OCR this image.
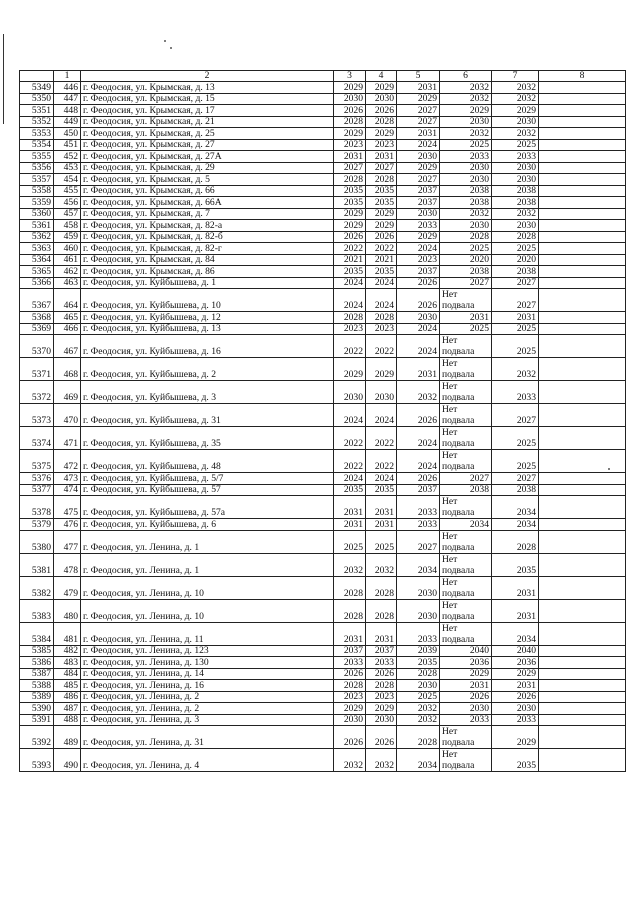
	1	2	3	4	5	6	7	8
5349	446	г. Феодосия, ул. Крымская, д. 13	2029	2029	2031	2032	2032	
5350	447	г. Феодосия, ул. Крымская, д. 15	2030	2030	2029	2032	2032	
5351	448	г. Феодосия, ул. Крымская, д. 17	2026	2026	2027	2029	2029	
5352	449	г. Феодосия, ул. Крымская, д. 21	2028	2028	2027	2030	2030	
5353	450	г. Феодосия, ул. Крымская, д. 25	2029	2029	2031	2032	2032	
5354	451	г. Феодосия, ул. Крымская, д. 27	2023	2023	2024	2025	2025	
5355	452	г. Феодосия, ул. Крымская, д. 27А	2031	2031	2030	2033	2033	
5356	453	г. Феодосия, ул. Крымская, д. 29	2027	2027	2029	2030	2030	
5357	454	г. Феодосия, ул. Крымская, д. 5	2028	2028	2027	2030	2030	
5358	455	г. Феодосия, ул. Крымская, д. 66	2035	2035	2037	2038	2038	
5359	456	г. Феодосия, ул. Крымская, д. 66А	2035	2035	2037	2038	2038	
5360	457	г. Феодосия, ул. Крымская, д. 7	2029	2029	2030	2032	2032	
5361	458	г. Феодосия, ул. Крымская, д. 82-а	2029	2029	2033	2030	2030	
5362	459	г. Феодосия, ул. Крымская, д. 82-б	2026	2026	2029	2028	2028	
5363	460	г. Феодосия, ул. Крымская, д. 82-г	2022	2022	2024	2025	2025	
5364	461	г. Феодосия, ул. Крымская, д. 84	2021	2021	2023	2020	2020	
5365	462	г. Феодосия, ул. Крымская, д. 86	2035	2035	2037	2038	2038	
5366	463	г. Феодосия, ул. Куйбышева, д. 1	2024	2024	2026	2027	2027	
5367	464	г. Феодосия, ул. Куйбышева, д. 10	2024	2024	2026	Нет подвала	2027	
5368	465	г. Феодосия, ул. Куйбышева, д. 12	2028	2028	2030	2031	2031	
5369	466	г. Феодосия, ул. Куйбышева, д. 13	2023	2023	2024	2025	2025	
5370	467	г. Феодосия, ул. Куйбышева, д. 16	2022	2022	2024	Нет подвала	2025	
5371	468	г. Феодосия, ул. Куйбышева, д. 2	2029	2029	2031	Нет подвала	2032	
5372	469	г. Феодосия, ул. Куйбышева, д. 3	2030	2030	2032	Нет подвала	2033	
5373	470	г. Феодосия, ул. Куйбышева, д. 31	2024	2024	2026	Нет подвала	2027	
5374	471	г. Феодосия, ул. Куйбышева, д. 35	2022	2022	2024	Нет подвала	2025	
5375	472	г. Феодосия, ул. Куйбышева, д. 48	2022	2022	2024	Нет подвала	2025	
5376	473	г. Феодосия, ул. Куйбышева, д. 5/7	2024	2024	2026	2027	2027	
5377	474	г. Феодосия, ул. Куйбышева, д. 57	2035	2035	2037	2038	2038	
5378	475	г. Феодосия, ул. Куйбышева, д. 57а	2031	2031	2033	Нет подвала	2034	
5379	476	г. Феодосия, ул. Куйбышева, д. 6	2031	2031	2033	2034	2034	
5380	477	г. Феодосия, ул. Ленина, д. 1	2025	2025	2027	Нет подвала	2028	
5381	478	г. Феодосия, ул. Ленина, д. 1	2032	2032	2034	Нет подвала	2035	
5382	479	г. Феодосия, ул. Ленина, д. 10	2028	2028	2030	Нет подвала	2031	
5383	480	г. Феодосия, ул. Ленина, д. 10	2028	2028	2030	Нет подвала	2031	
5384	481	г. Феодосия, ул. Ленина, д. 11	2031	2031	2033	Нет подвала	2034	
5385	482	г. Феодосия, ул. Ленина, д. 123	2037	2037	2039	2040	2040	
5386	483	г. Феодосия, ул. Ленина, д. 130	2033	2033	2035	2036	2036	
5387	484	г. Феодосия, ул. Ленина, д. 14	2026	2026	2028	2029	2029	
5388	485	г. Феодосия, ул. Ленина, д. 16	2028	2028	2030	2031	2031	
5389	486	г. Феодосия, ул. Ленина, д. 2	2023	2023	2025	2026	2026	
5390	487	г. Феодосия, ул. Ленина, д. 2	2029	2029	2032	2030	2030	
5391	488	г. Феодосия, ул. Ленина, д. 3	2030	2030	2032	2033	2033	
5392	489	г. Феодосия, ул. Ленина, д. 31	2026	2026	2028	Нет подвала	2029	
5393	490	г. Феодосия, ул. Ленина, д. 4	2032	2032	2034	Нет подвала	2035	
